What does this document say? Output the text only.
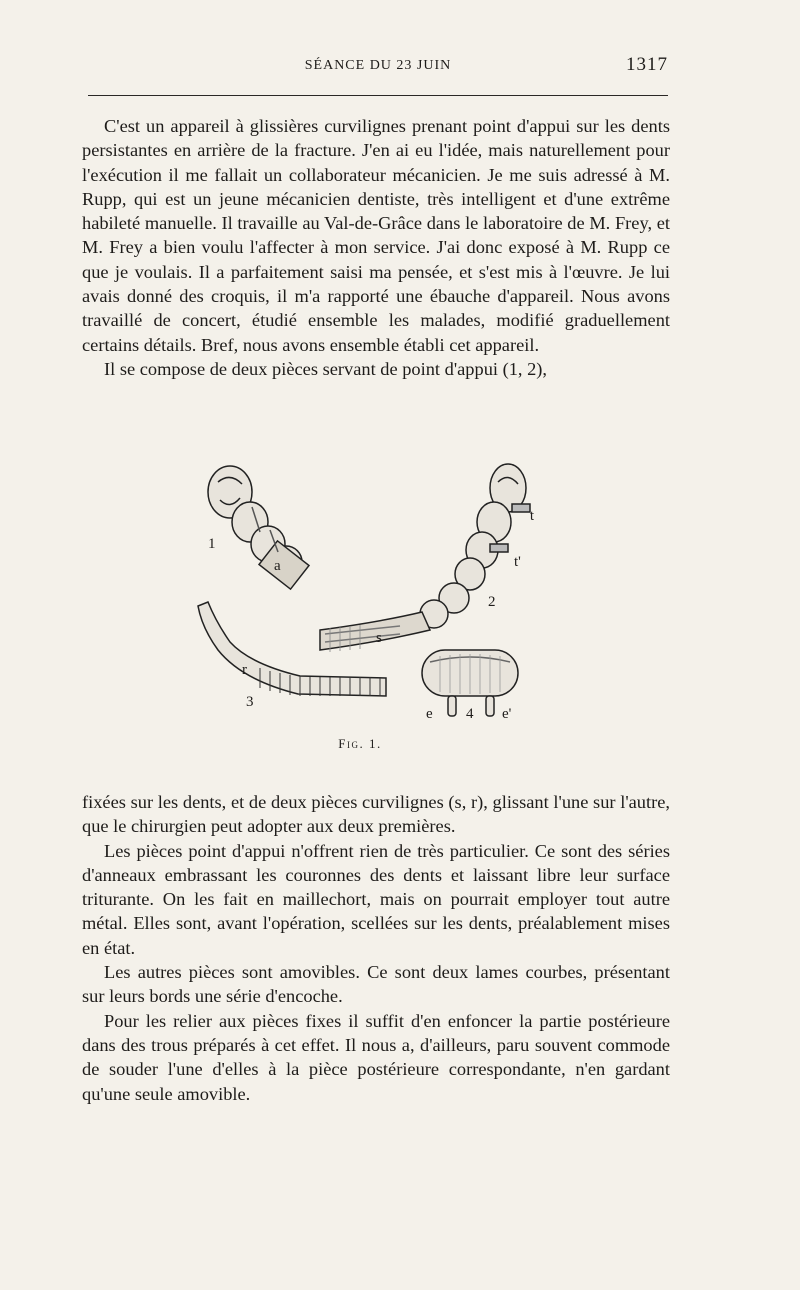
SÉANCE DU 23 JUIN	1317

C'est un appareil à glissières curvilignes prenant point d'appui sur les dents persistantes en arrière de la fracture. J'en ai eu l'idée, mais naturellement pour l'exécution il me fallait un collaborateur mécanicien. Je me suis adressé à M. Rupp, qui est un jeune mécanicien dentiste, très intelligent et d'une extrême habileté manuelle. Il travaille au Val-de-Grâce dans le laboratoire de M. Frey, et M. Frey a bien voulu l'affecter à mon service. J'ai donc exposé à M. Rupp ce que je voulais. Il a parfaitement saisi ma pensée, et s'est mis à l'œuvre. Je lui avais donné des croquis, il m'a rapporté une ébauche d'appareil. Nous avons travaillé de concert, étudié ensemble les malades, modifié graduellement certains détails. Bref, nous avons ensemble établi cet appareil.

Il se compose de deux pièces servant de point d'appui (1, 2),

1
a
t
t'
2
s
r
3
e 4 e'
Fig. 1.

fixées sur les dents, et de deux pièces curvilignes (s, r), glissant l'une sur l'autre, que le chirurgien peut adopter aux deux premières.

Les pièces point d'appui n'offrent rien de très particulier. Ce sont des séries d'anneaux embrassant les couronnes des dents et laissant libre leur surface triturante. On les fait en maillechort, mais on pourrait employer tout autre métal. Elles sont, avant l'opération, scellées sur les dents, préalablement mises en état.

Les autres pièces sont amovibles. Ce sont deux lames courbes, présentant sur leurs bords une série d'encoche.

Pour les relier aux pièces fixes il suffit d'en enfoncer la partie postérieure dans des trous préparés à cet effet. Il nous a, d'ailleurs, paru souvent commode de souder l'une d'elles à la pièce postérieure correspondante, n'en gardant qu'une seule amovible.
